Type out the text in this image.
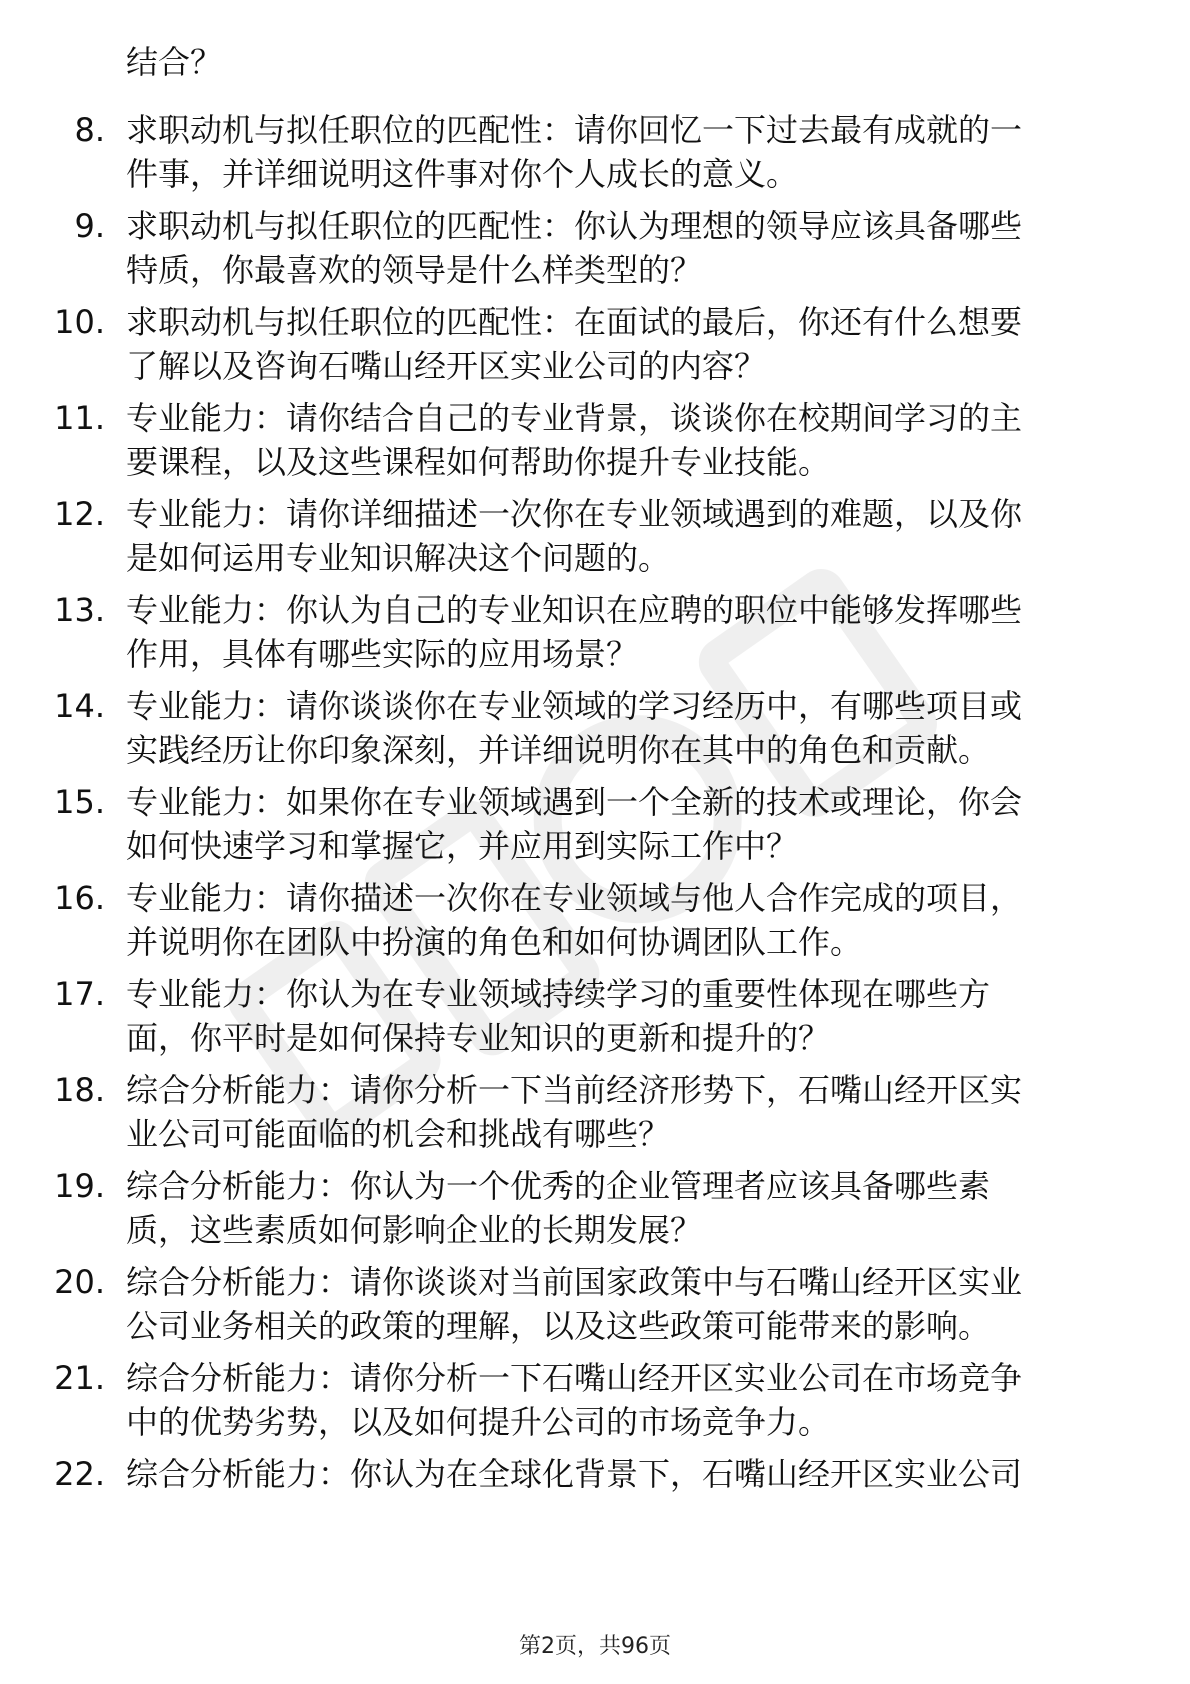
结合？
8. 求职动机与拟任职位的匹配性：请你回忆一下过去最有成就的一
件事，并详细说明这件事对你个人成长的意义。
9. 求职动机与拟任职位的匹配性：你认为理想的领导应该具备哪些
特质，你最喜欢的领导是什么样类型的？
10. 求职动机与拟任职位的匹配性：在面试的最后，你还有什么想要
了解以及咨询石嘴山经开区实业公司的内容？
11. 专业能力：请你结合自己的专业背景，谈谈你在校期间学习的主
要课程，以及这些课程如何帮助你提升专业技能。
12. 专业能力：请你详细描述一次你在专业领域遇到的难题，以及你
是如何运用专业知识解决这个问题的。
13. 专业能力：你认为自己的专业知识在应聘的职位中能够发挥哪些
作用，具体有哪些实际的应用场景？
14. 专业能力：请你谈谈你在专业领域的学习经历中，有哪些项目或
实践经历让你印象深刻，并详细说明你在其中的角色和贡献。
15. 专业能力：如果你在专业领域遇到一个全新的技术或理论，你会
如何快速学习和掌握它，并应用到实际工作中？
16. 专业能力：请你描述一次你在专业领域与他人合作完成的项目，
并说明你在团队中扮演的角色和如何协调团队工作。
17. 专业能力：你认为在专业领域持续学习的重要性体现在哪些方
面，你平时是如何保持专业知识的更新和提升的？
18. 综合分析能力：请你分析一下当前经济形势下，石嘴山经开区实
业公司可能面临的机会和挑战有哪些？
19. 综合分析能力：你认为一个优秀的企业管理者应该具备哪些素
质，这些素质如何影响企业的长期发展？
20. 综合分析能力：请你谈谈对当前国家政策中与石嘴山经开区实业
公司业务相关的政策的理解，以及这些政策可能带来的影响。
21. 综合分析能力：请你分析一下石嘴山经开区实业公司在市场竞争
中的优势劣势，以及如何提升公司的市场竞争力。
22. 综合分析能力：你认为在全球化背景下，石嘴山经开区实业公司
第2页，共96页
